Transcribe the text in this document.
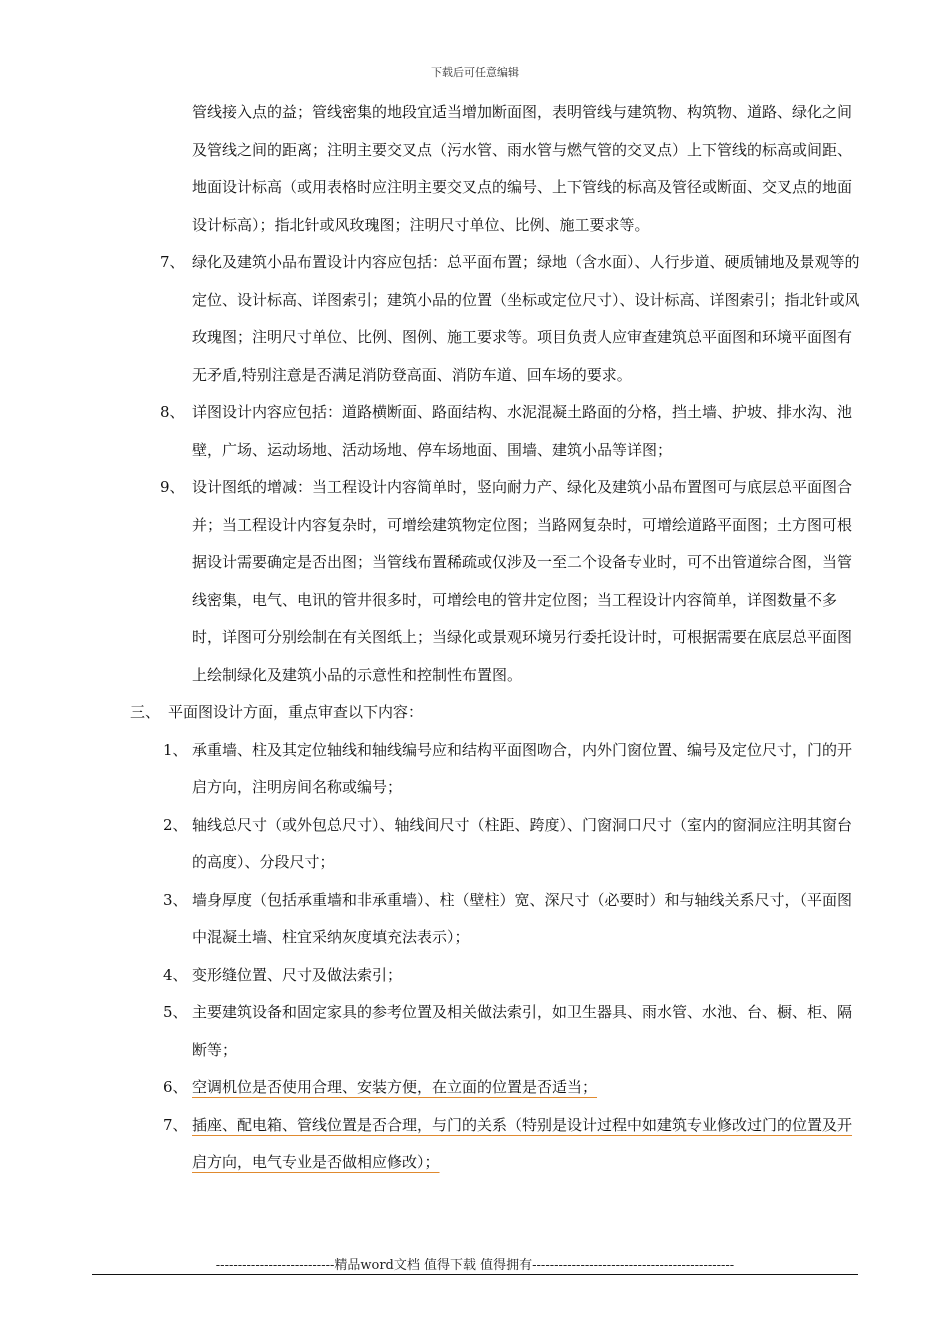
下载后可任意编辑
管线接入点的益；管线密集的地段宜适当增加断面图，表明管线与建筑物、构筑物、道路、绿化之间及管线之间的距离；注明主要交叉点（污水管、雨水管与燃气管的交叉点）上下管线的标高或间距、地面设计标高（或用表格时应注明主要交叉点的编号、上下管线的标高及管径或断面、交叉点的地面设计标高）；指北针或风玫瑰图；注明尺寸单位、比例、施工要求等。
7、 绿化及建筑小品布置设计内容应包括：总平面布置；绿地（含水面）、人行步道、硬质铺地及景观等的定位、设计标高、详图索引；建筑小品的位置（坐标或定位尺寸）、设计标高、详图索引；指北针或风玫瑰图；注明尺寸单位、比例、图例、施工要求等。项目负责人应审查建筑总平面图和环境平面图有无矛盾,特别注意是否满足消防登高面、消防车道、回车场的要求。
8、 详图设计内容应包括：道路横断面、路面结构、水泥混凝土路面的分格，挡土墙、护坡、排水沟、池壁，广场、运动场地、活动场地、停车场地面、围墙、建筑小品等详图；
9、 设计图纸的增减：当工程设计内容简单时，竖向耐力产、绿化及建筑小品布置图可与底层总平面图合并；当工程设计内容复杂时，可增绘建筑物定位图；当路网复杂时，可增绘道路平面图；土方图可根据设计需要确定是否出图；当管线布置稀疏或仅涉及一至二个设备专业时，可不出管道综合图，当管线密集，电气、电讯的管井很多时，可增绘电的管井定位图；当工程设计内容简单，详图数量不多时，详图可分别绘制在有关图纸上；当绿化或景观环境另行委托设计时，可根据需要在底层总平面图上绘制绿化及建筑小品的示意性和控制性布置图。
三、 平面图设计方面，重点审查以下内容：
1、 承重墙、柱及其定位轴线和轴线编号应和结构平面图吻合，内外门窗位置、编号及定位尺寸，门的开启方向，注明房间名称或编号；
2、 轴线总尺寸（或外包总尺寸）、轴线间尺寸（柱距、跨度）、门窗洞口尺寸（室内的窗洞应注明其窗台的高度）、分段尺寸；
3、 墙身厚度（包括承重墙和非承重墙）、柱（壁柱）宽、深尺寸（必要时）和与轴线关系尺寸，（平面图中混凝土墙、柱宜采纳灰度填充法表示）；
4、 变形缝位置、尺寸及做法索引；
5、 主要建筑设备和固定家具的参考位置及相关做法索引，如卫生器具、雨水管、水池、台、橱、柜、隔断等；
6、 空调机位是否使用合理、安装方便，在立面的位置是否适当；
7、 插座、配电箱、管线位置是否合理，与门的关系（特别是设计过程中如建筑专业修改过门的位置及开启方向，电气专业是否做相应修改）；
---------------------------精品word文档 值得下载 值得拥有----------------------------------------------
